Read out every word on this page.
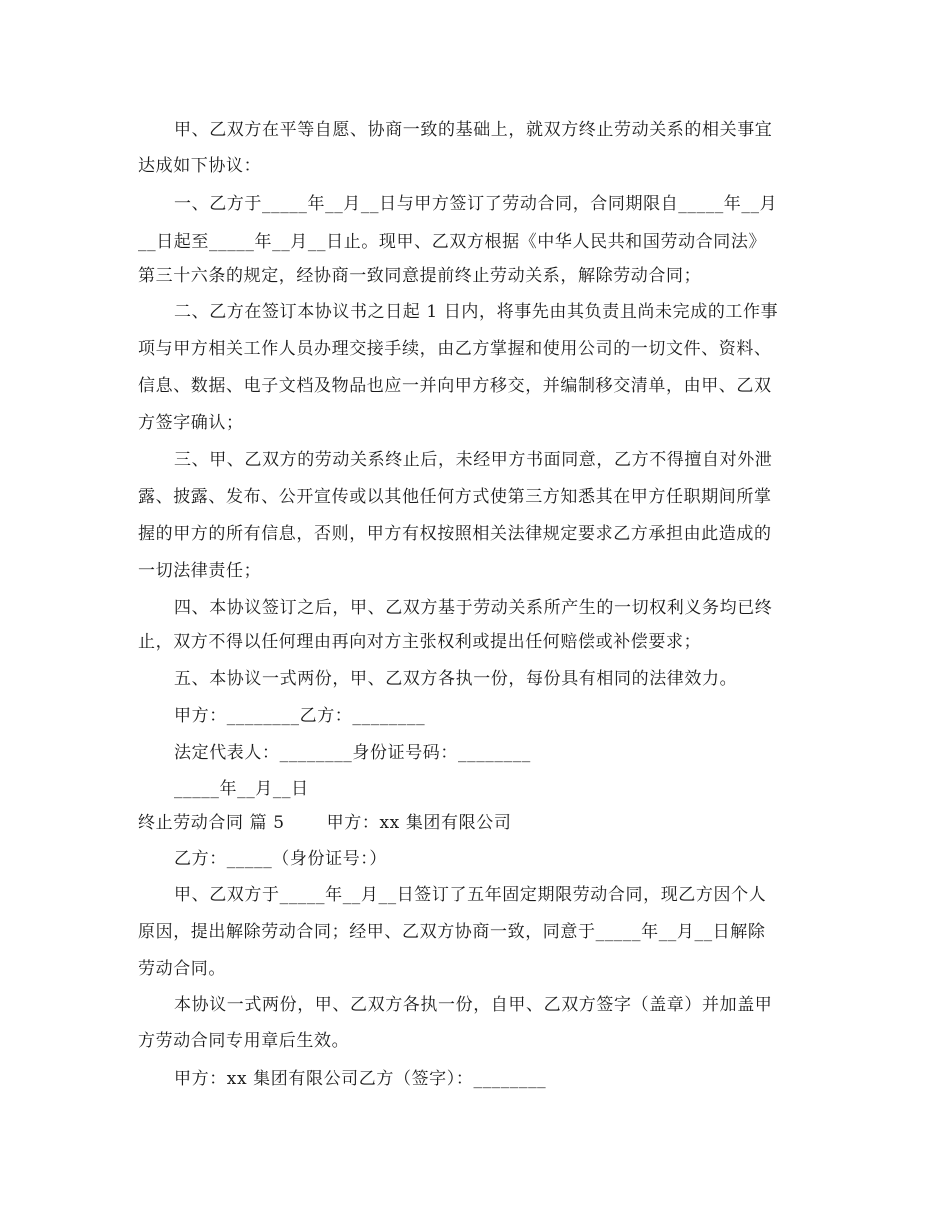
甲、乙双方在平等自愿、协商一致的基础上，就双方终止劳动关系的相关事宜
达成如下协议：
一、乙方于_____年__月__日与甲方签订了劳动合同，合同期限自_____年__月
__日起至_____年__月__日止。现甲、乙双方根据《中华人民共和国劳动合同法》
第三十六条的规定，经协商一致同意提前终止劳动关系，解除劳动合同；
二、乙方在签订本协议书之日起 1 日内，将事先由其负责且尚未完成的工作事
项与甲方相关工作人员办理交接手续，由乙方掌握和使用公司的一切文件、资料、
信息、数据、电子文档及物品也应一并向甲方移交，并编制移交清单，由甲、乙双
方签字确认；
三、甲、乙双方的劳动关系终止后，未经甲方书面同意，乙方不得擅自对外泄
露、披露、发布、公开宣传或以其他任何方式使第三方知悉其在甲方任职期间所掌
握的甲方的所有信息，否则，甲方有权按照相关法律规定要求乙方承担由此造成的
一切法律责任；
四、本协议签订之后，甲、乙双方基于劳动关系所产生的一切权利义务均已终
止，双方不得以任何理由再向对方主张权利或提出任何赔偿或补偿要求；
五、本协议一式两份，甲、乙双方各执一份，每份具有相同的法律效力。
甲方：________乙方：________
法定代表人：________身份证号码：________
_____年__月__日
终止劳动合同 篇 5       甲方：xx 集团有限公司
乙方：_____（身份证号：）
甲、乙双方于_____年__月__日签订了五年固定期限劳动合同，现乙方因个人
原因，提出解除劳动合同；经甲、乙双方协商一致，同意于_____年__月__日解除
劳动合同。
本协议一式两份，甲、乙双方各执一份，自甲、乙双方签字（盖章）并加盖甲
方劳动合同专用章后生效。
甲方：xx 集团有限公司乙方（签字）：________
